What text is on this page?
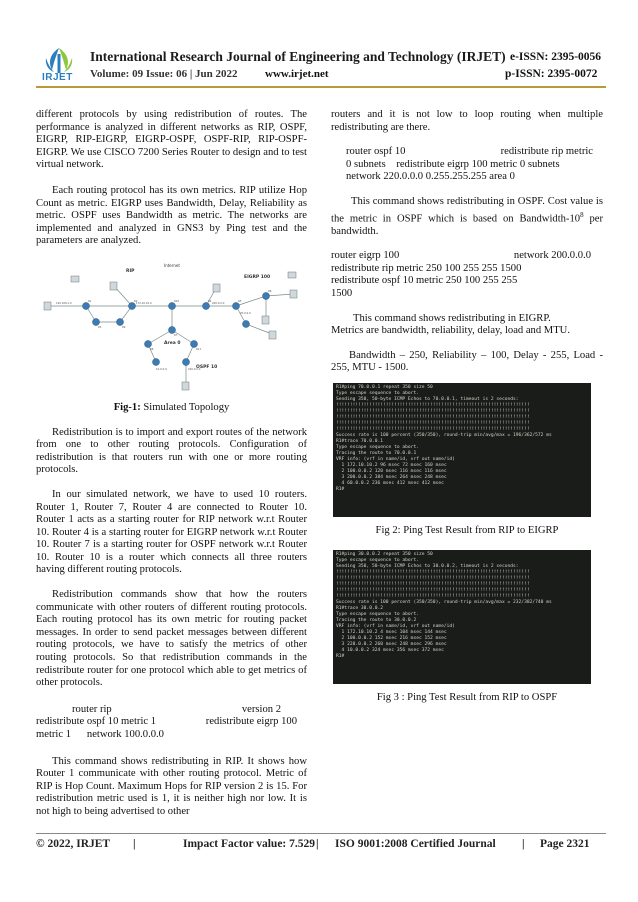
IRJET
International Research Journal of Engineering and Technology (IRJET) e-ISSN: 2395-0056
Volume: 09 Issue: 06 | Jun 2022	www.irjet.net	p-ISSN: 2395-0072

different protocols by using redistribution of routes. The performance is analyzed in different networks as RIP, OSPF, EIGRP, RIP-EIGRP, EIGRP-OSPF, OSPF-RIP, RIP-OSPF-EIGRP. We use CISCO 7200 Series Router to design and to test virtual network.

Each routing protocol has its own metrics. RIP utilize Hop Count as metric. EIGRP uses Bandwidth, Delay, Reliability as metric. OSPF uses Bandwidth as metric. The networks are implemented and analyzed in GNS3 by Ping test and the parameters are analyzed.

R1	R2	R10	R4	R5
R6
R3	R9
R7
R8	R11
192.168.1.0	172.10.10.0	200.0.0.0
70.0.0.0
220.0.0.0
10.0.0.0
RIP
EIGRP 100
Area 0
OSPF 10
Internet

Fig-1: Simulated Topology

Redistribution is to import and export routes of the network from one to other routing protocols. Configuration of redistribution is that routers run with one or more routing protocols.

In our simulated network, we have to used 10 routers. Router 1, Router 7, Router 4 are connected to Router 10. Router 1 acts as a starting router for RIP network w.r.t Router 10. Router 4 is a starting router for EIGRP network w.r.t Router 10. Router 7 is a starting router for OSPF network w.r.t Router 10. Router 10 is a router which connects all three routers having different routing protocols.

Redistribution commands show that how the routers communicate with other routers of different routing protocols. Each routing protocol has its own metric for routing packet messages. In order to send packet messages between different routing protocols, we have to satisfy the metrics of other routing protocols. So that redistribution commands in the redistribute router for one protocol which able to get metrics of other protocols.

router rip	version 2
redistribute ospf 10 metric 1	redistribute eigrp 100
metric 1      network 100.0.0.0

This command shows redistributing in RIP. It shows how Router 1 communicate with other routing protocol. Metric of RIP is Hop Count. Maximum Hops for RIP version 2 is 15. For redistribution metric used is 1, it is neither high nor low. It is not high to being advertised to other

routers and it is not low to loop routing when multiple redistributing are there.

router ospf 10	redistribute rip metric
0 subnets    redistribute eigrp 100 metric 0 subnets
network 220.0.0.0 0.255.255.255 area 0

This command shows redistributing in OSPF. Cost value is the metric in OSPF which is based on Bandwidth-$10^8$ per bandwidth.

router eigrp 100	network 200.0.0.0
redistribute rip metric 250 100 255 255 1500
redistribute ospf 10 metric 250 100 255 255
1500

This command shows redistributing in EIGRP.

Metrics are bandwidth, reliability, delay, load and MTU.

Bandwidth – 250, Reliability – 100, Delay - 255, Load - 255, MTU - 1500.

R1#ping 70.0.0.1 repeat 350 size 50
Type escape sequence to abort.
Sending 350, 50-byte ICMP Echos to 70.0.0.1, timeout is 2 seconds:
!!!!!!!!!!!!!!!!!!!!!!!!!!!!!!!!!!!!!!!!!!!!!!!!!!!!!!!!!!!!!!!!!!!!!!
!!!!!!!!!!!!!!!!!!!!!!!!!!!!!!!!!!!!!!!!!!!!!!!!!!!!!!!!!!!!!!!!!!!!!!
!!!!!!!!!!!!!!!!!!!!!!!!!!!!!!!!!!!!!!!!!!!!!!!!!!!!!!!!!!!!!!!!!!!!!!
!!!!!!!!!!!!!!!!!!!!!!!!!!!!!!!!!!!!!!!!!!!!!!!!!!!!!!!!!!!!!!!!!!!!!!
!!!!!!!!!!!!!!!!!!!!!!!!!!!!!!!!!!!!!!!!!!!!!!!!!!!!!!!!!!!!!!!!!!!!!!
Success rate is 100 percent (350/350), round-trip min/avg/max = 196/362/572 ms
R1#trace 70.0.0.1
Type escape sequence to abort.
Tracing the route to 70.0.0.1
VRF info: (vrf in name/id, vrf out name/id)
1 172.10.10.2 96 msec 72 msec 160 msec
2 100.0.0.2 120 msec 116 msec 116 msec
3 200.0.0.2 384 msec 264 msec 248 msec
4 60.0.0.2 236 msec 412 msec 412 msec
R1#

Fig 2: Ping Test Result from RIP to EIGRP

R1#ping 30.0.0.2 repeat 350 size 50
Type escape sequence to abort.
Sending 350, 50-byte ICMP Echos to 30.0.0.2, timeout is 2 seconds:
!!!!!!!!!!!!!!!!!!!!!!!!!!!!!!!!!!!!!!!!!!!!!!!!!!!!!!!!!!!!!!!!!!!!!!
!!!!!!!!!!!!!!!!!!!!!!!!!!!!!!!!!!!!!!!!!!!!!!!!!!!!!!!!!!!!!!!!!!!!!!
!!!!!!!!!!!!!!!!!!!!!!!!!!!!!!!!!!!!!!!!!!!!!!!!!!!!!!!!!!!!!!!!!!!!!!
!!!!!!!!!!!!!!!!!!!!!!!!!!!!!!!!!!!!!!!!!!!!!!!!!!!!!!!!!!!!!!!!!!!!!!
!!!!!!!!!!!!!!!!!!!!!!!!!!!!!!!!!!!!!!!!!!!!!!!!!!!!!!!!!!!!!!!!!!!!!!
Success rate is 100 percent (350/350), round-trip min/avg/max = 232/382/740 ms
R1#trace 30.0.0.2
Type escape sequence to abort.
Tracing the route to 30.0.0.2
VRF info: (vrf in name/id, vrf out name/id)
1 172.10.10.2 4 msec 104 msec 144 msec
2 100.0.0.2 152 msec 216 msec 152 msec
3 220.0.0.2 260 msec 248 msec 296 msec
4 10.0.0.2 324 msec 356 msec 372 msec
R1#

Fig 3 : Ping Test Result from RIP to OSPF

© 2022, IRJET |	Impact Factor value: 7.529 | ISO 9001:2008 Certified Journal | Page 2321
